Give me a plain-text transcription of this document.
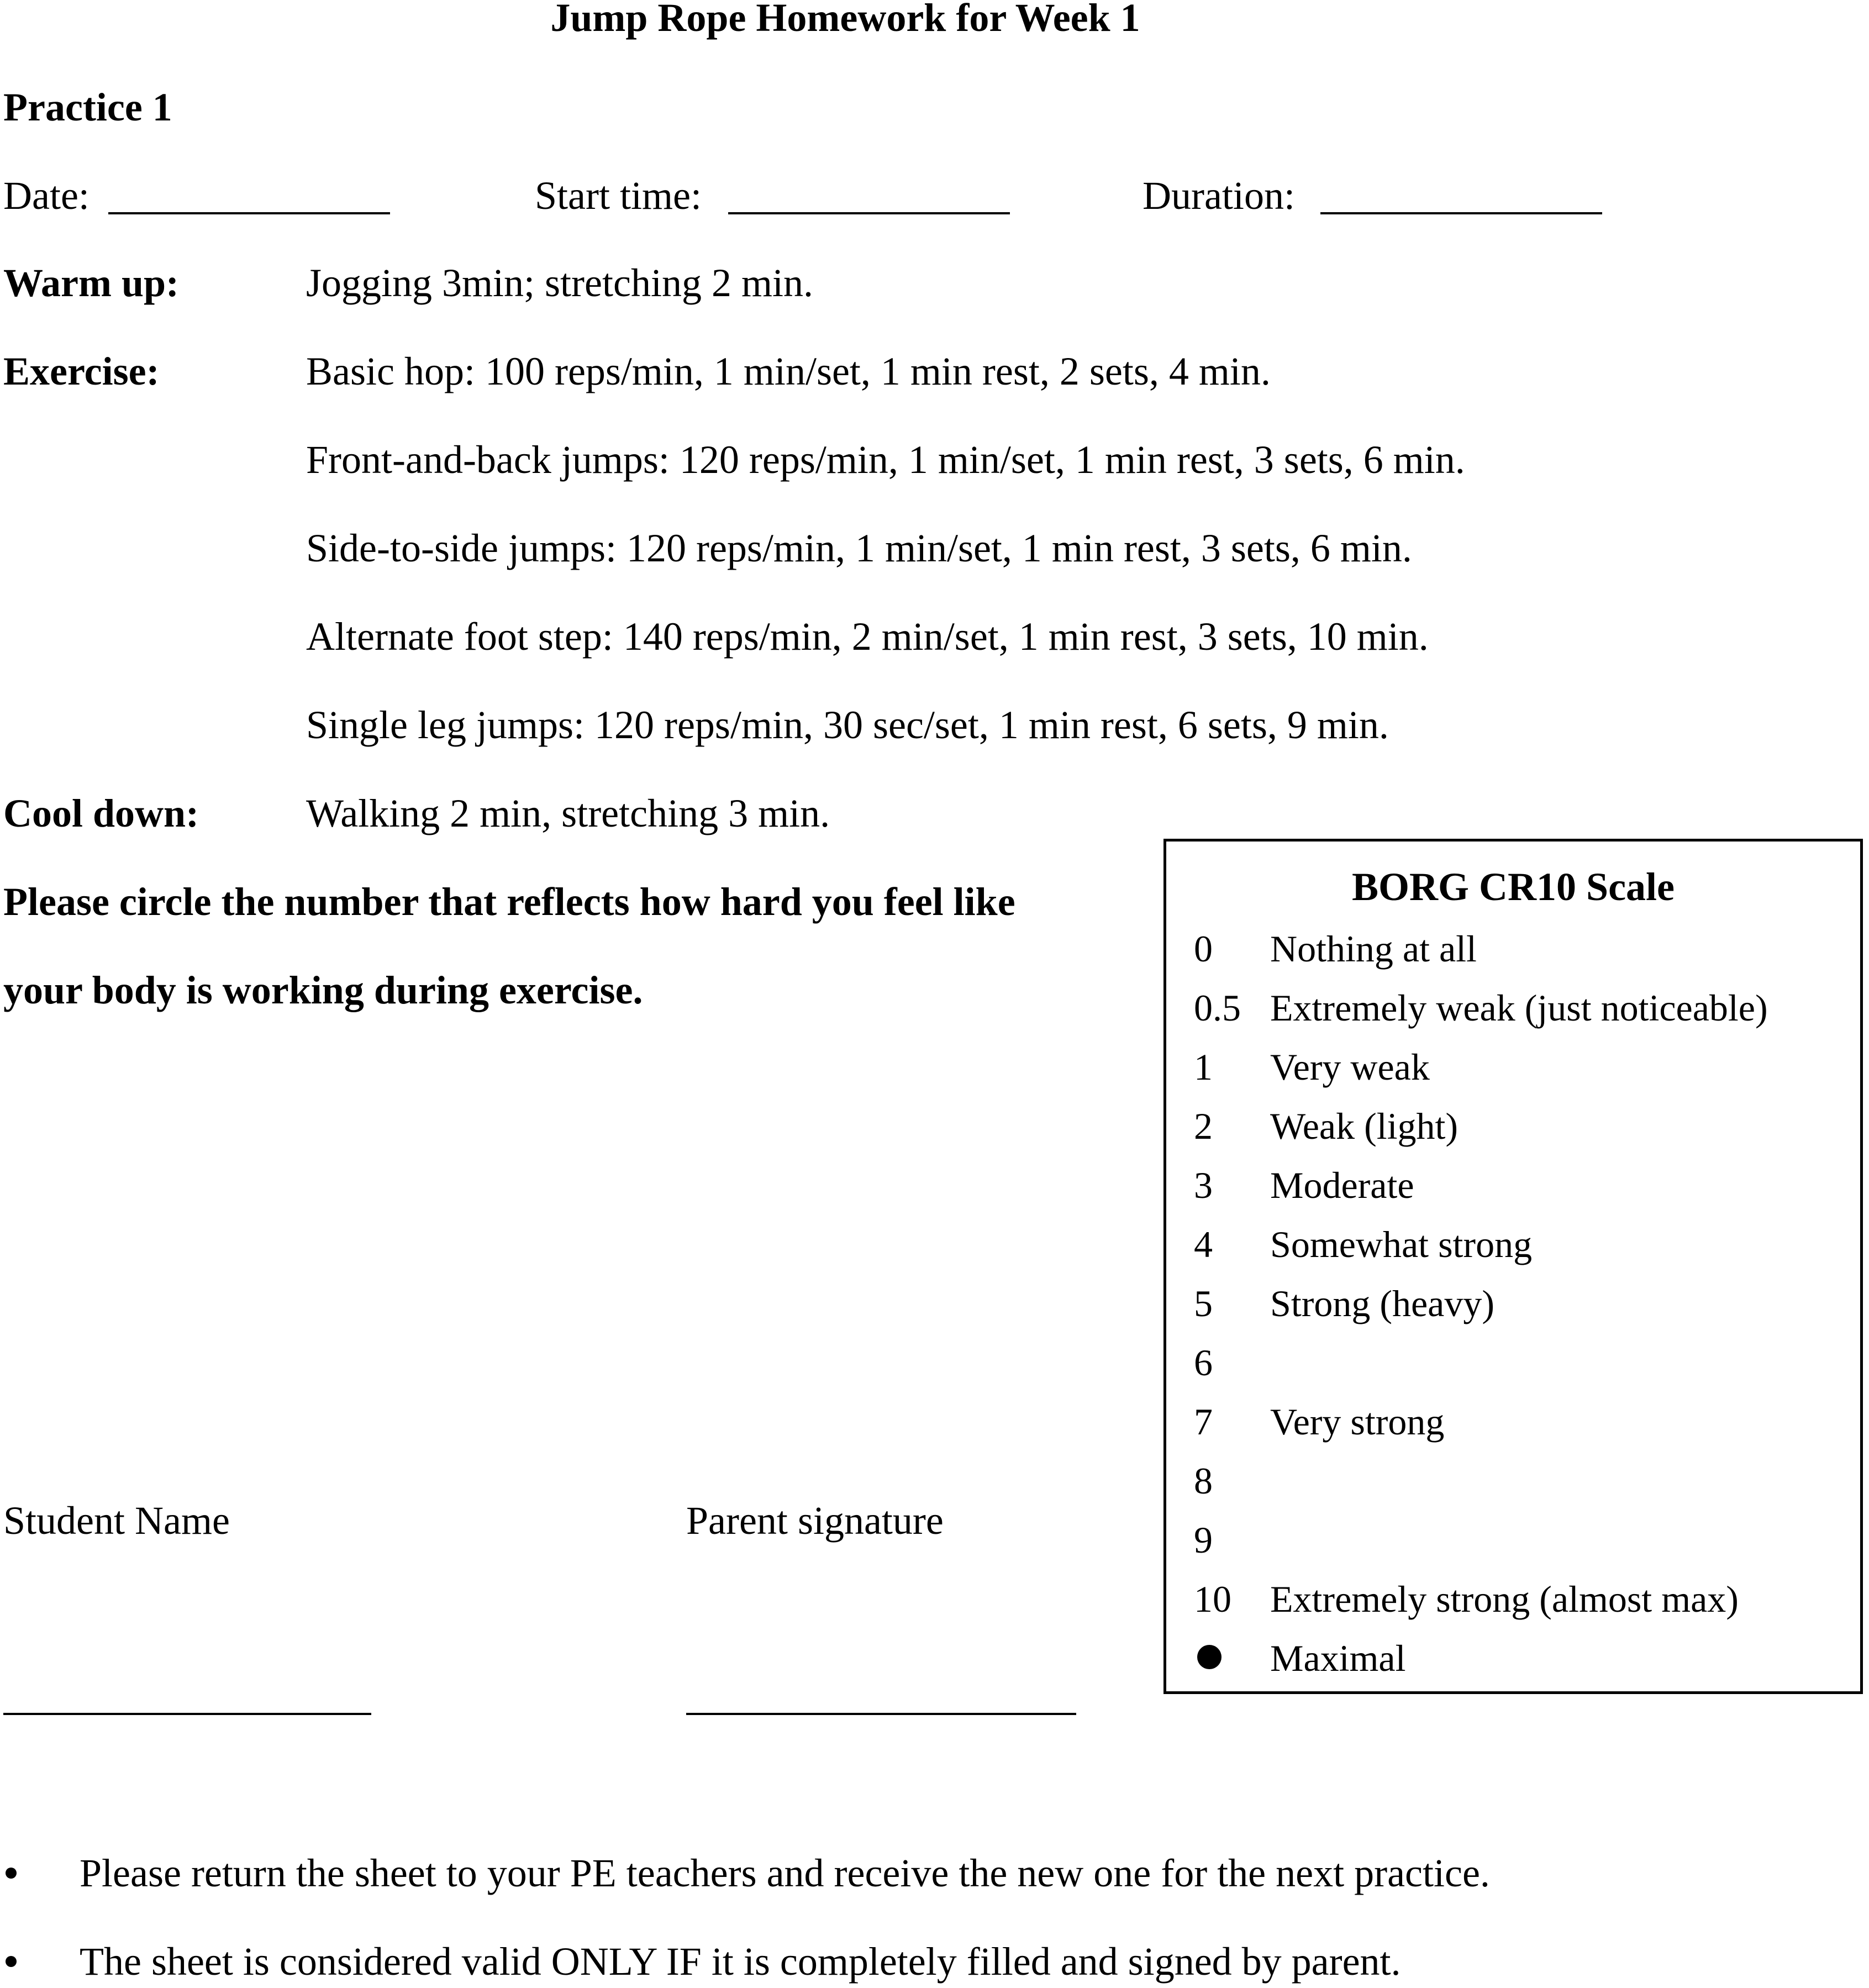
Jump Rope Homework for Week 1
Practice 1
Date:	Start time:	Duration:
Warm up:	Jogging 3min; stretching 2 min.
Exercise:	Basic hop: 100 reps/min, 1 min/set, 1 min rest, 2 sets, 4 min.
Front-and-back jumps: 120 reps/min, 1 min/set, 1 min rest, 3 sets, 6 min.
Side-to-side jumps: 120 reps/min, 1 min/set, 1 min rest, 3 sets, 6 min.
Alternate foot step: 140 reps/min, 2 min/set, 1 min rest, 3 sets, 10 min.
Single leg jumps: 120 reps/min, 30 sec/set, 1 min rest, 6 sets, 9 min.
Cool down:	Walking 2 min, stretching 3 min.
Please circle the number that reflects how hard you feel like
your body is working during exercise.
BORG CR10 Scale
0 Nothing at all
0.5 Extremely weak (just noticeable)
1 Very weak
2 Weak (light)
3 Moderate
4 Somewhat strong
5 Strong (heavy)
6
7 Very strong
8
9
10 Extremely strong (almost max)
Maximal
Student Name	Parent signature
Please return the sheet to your PE teachers and receive the new one for the next practice.
The sheet is considered valid ONLY IF it is completely filled and signed by parent.
